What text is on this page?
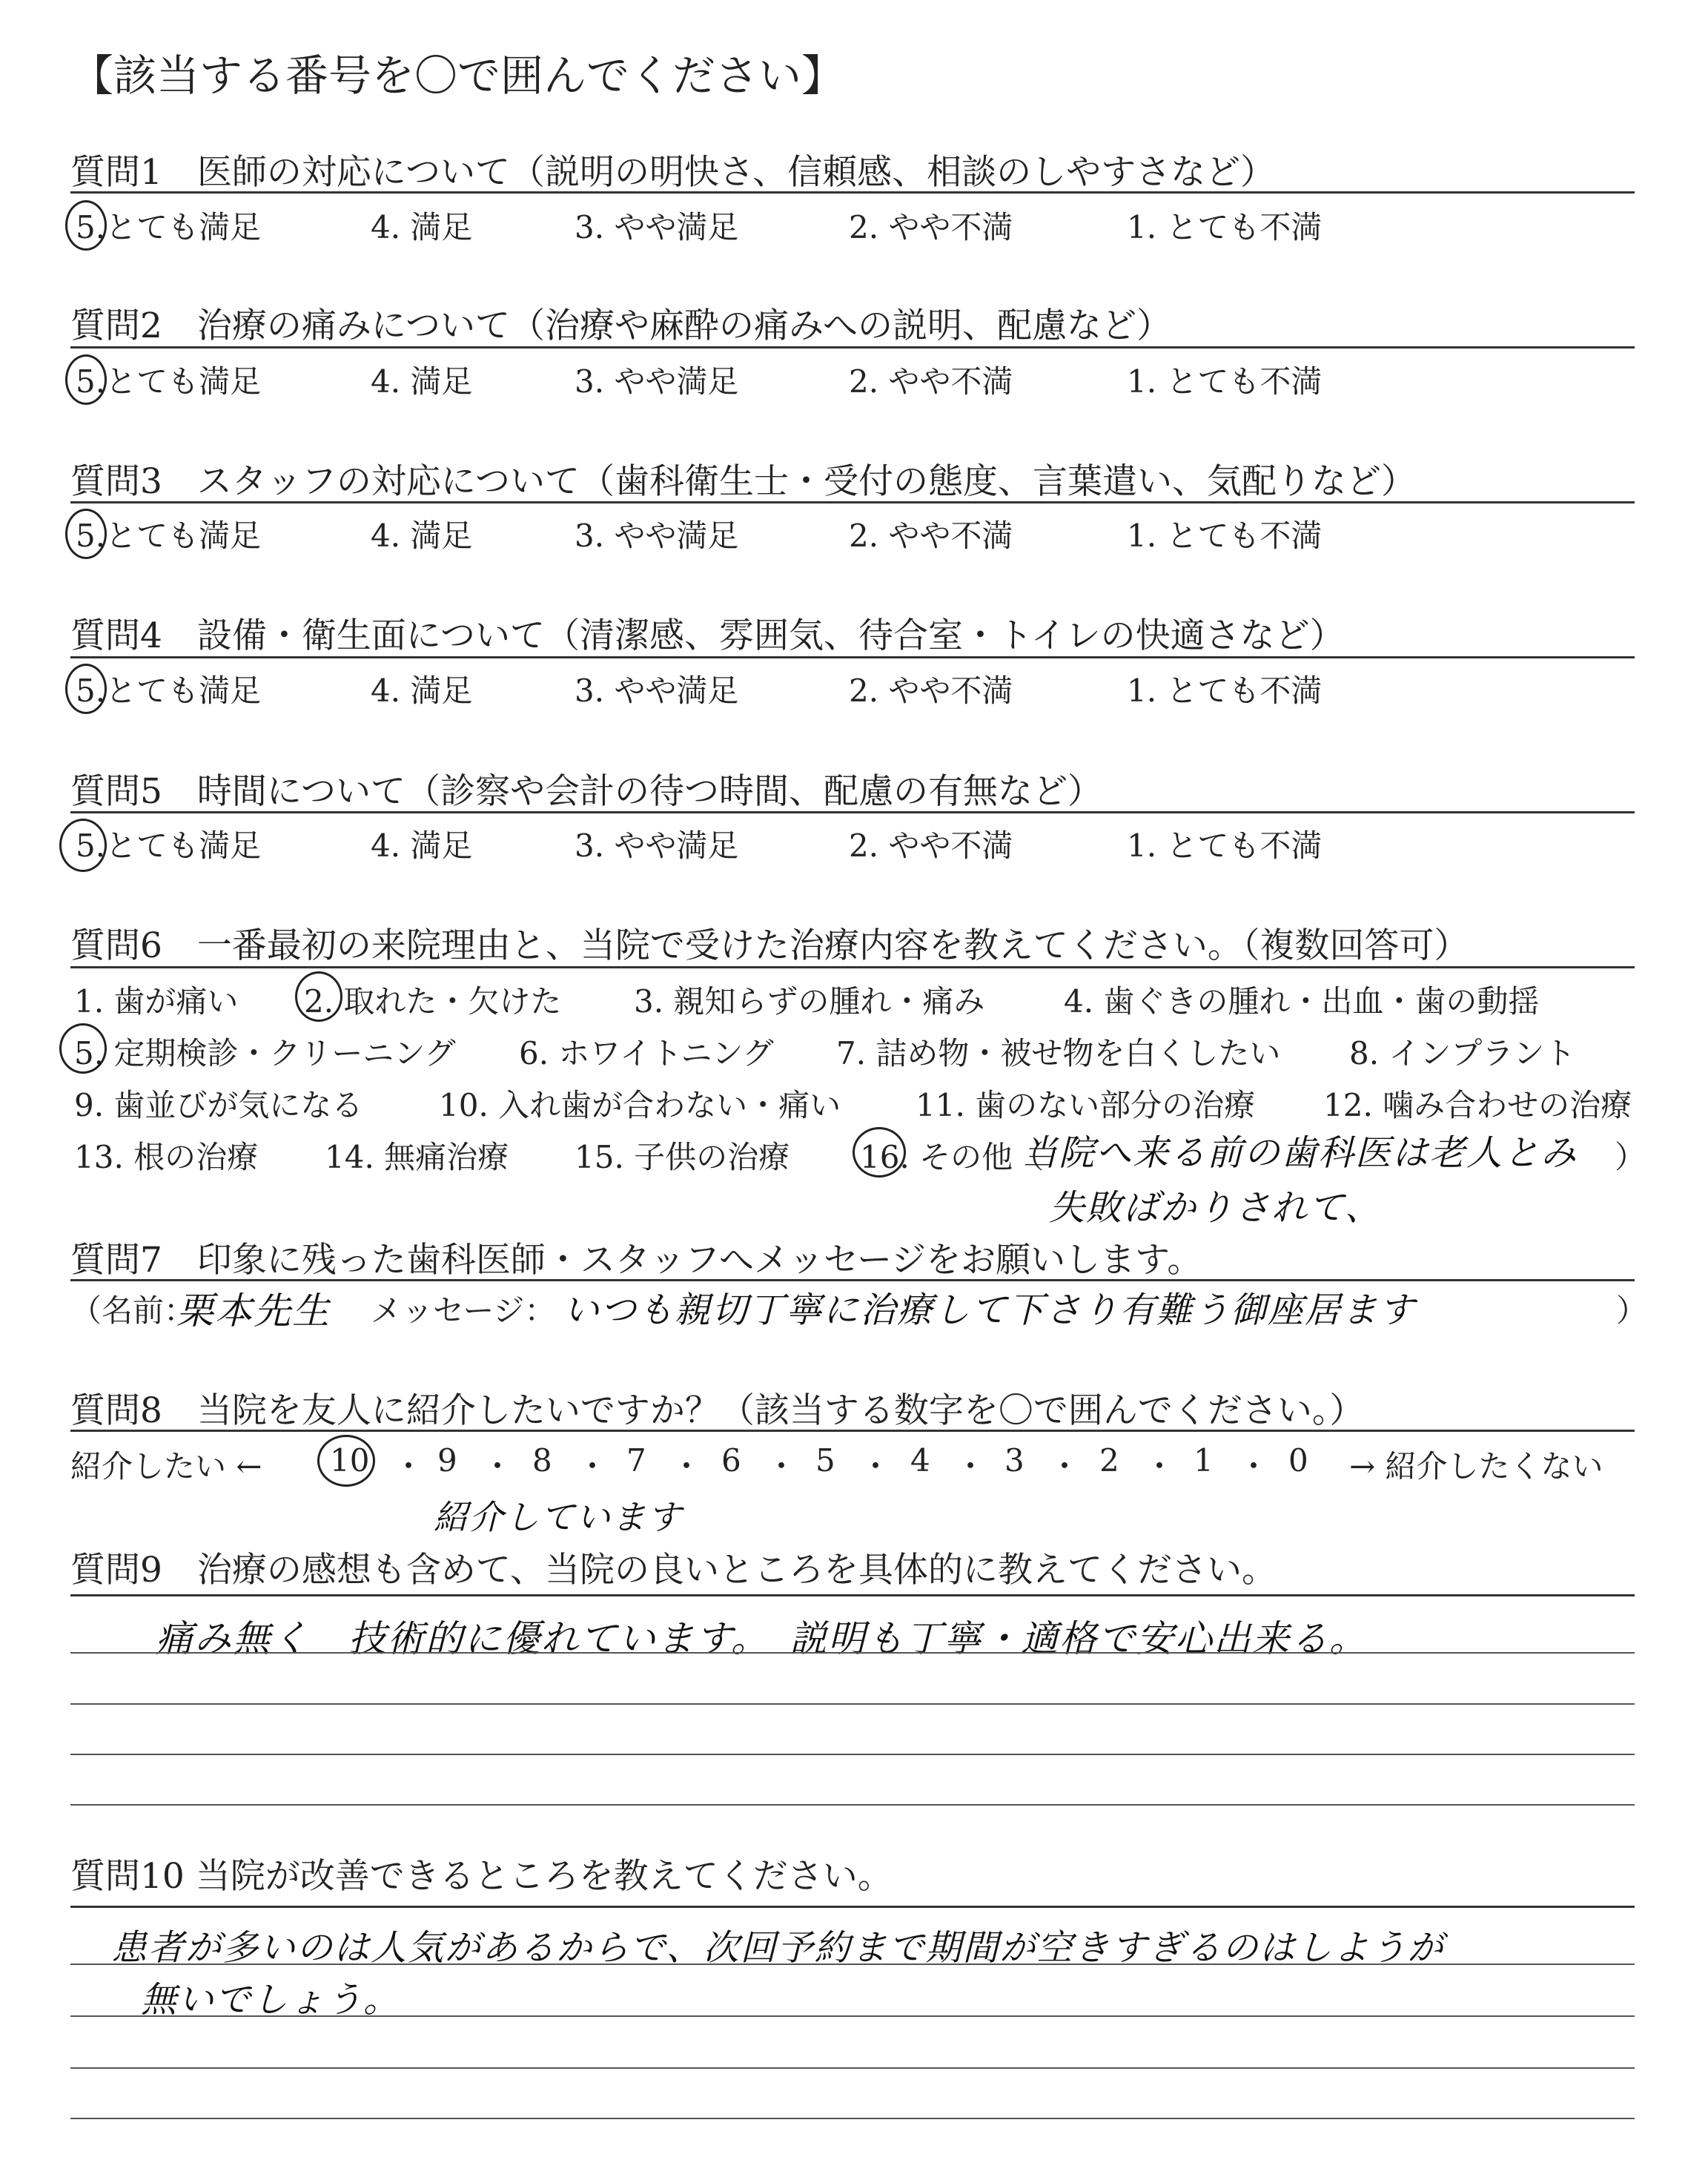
【該当する番号を〇で囲んでください】
質問1　医師の対応について（説明の明快さ、信頼感、相談のしやすさなど）
5.とても満足	4. 満足	3. やや満足	2. やや不満	1. とても不満
質問2　治療の痛みについて（治療や麻酔の痛みへの説明、配慮など）
5.とても満足	4. 満足	3. やや満足	2. やや不満	1. とても不満
質問3　スタッフの対応について（歯科衛生士・受付の態度、言葉遣い、気配りなど）
5.とても満足	4. 満足	3. やや満足	2. やや不満	1. とても不満
質問4　設備・衛生面について（清潔感、雰囲気、待合室・トイレの快適さなど）
5.とても満足	4. 満足	3. やや満足	2. やや不満	1. とても不満
質問5　時間について（診察や会計の待つ時間、配慮の有無など）
5.とても満足	4. 満足	3. やや満足	2. やや不満	1. とても不満
質問6　一番最初の来院理由と、当院で受けた治療内容を教えてください。（複数回答可）
1. 歯が痛い 2. 取れた・欠けた 3. 親知らずの腫れ・痛み	4. 歯ぐきの腫れ・出血・歯の動揺
5. 定期検診・クリーニング 6. ホワイトニング 7. 詰め物・被せ物を白くしたい 8. インプラント
9. 歯並びが気になる 10. 入れ歯が合わない・痛い 11. 歯のない部分の治療 12. 噛み合わせの治療
13. 根の治療 14. 無痛治療 15. 子供の治療 16. その他（
当院へ来る前の歯科医は老人とみ ）
失敗ばかりされて、
質問7　印象に残った歯科医師・スタッフへメッセージをお願いします。
（名前：
栗本先生 メッセージ： いつも親切丁寧に治療して下さり有難う御座居ます	）
質問8　当院を友人に紹介したいですか？（該当する数字を〇で囲んでください。）
紹介したい ← 10 ・ 9 ・ 8 ・ 7 ・ 6 ・ 5 ・ 4 ・ 3 ・ 2 ・ 1 ・ 0 → 紹介したくない
紹介しています
質問9　治療の感想も含めて、当院の良いところを具体的に教えてください。
痛み無く　技術的に優れています。　説明も丁寧・適格で安心出来る。
質問10 当院が改善できるところを教えてください。
患者が多いのは人気があるからで、次回予約まで期間が空きすぎるのはしようが
無いでしょう。
